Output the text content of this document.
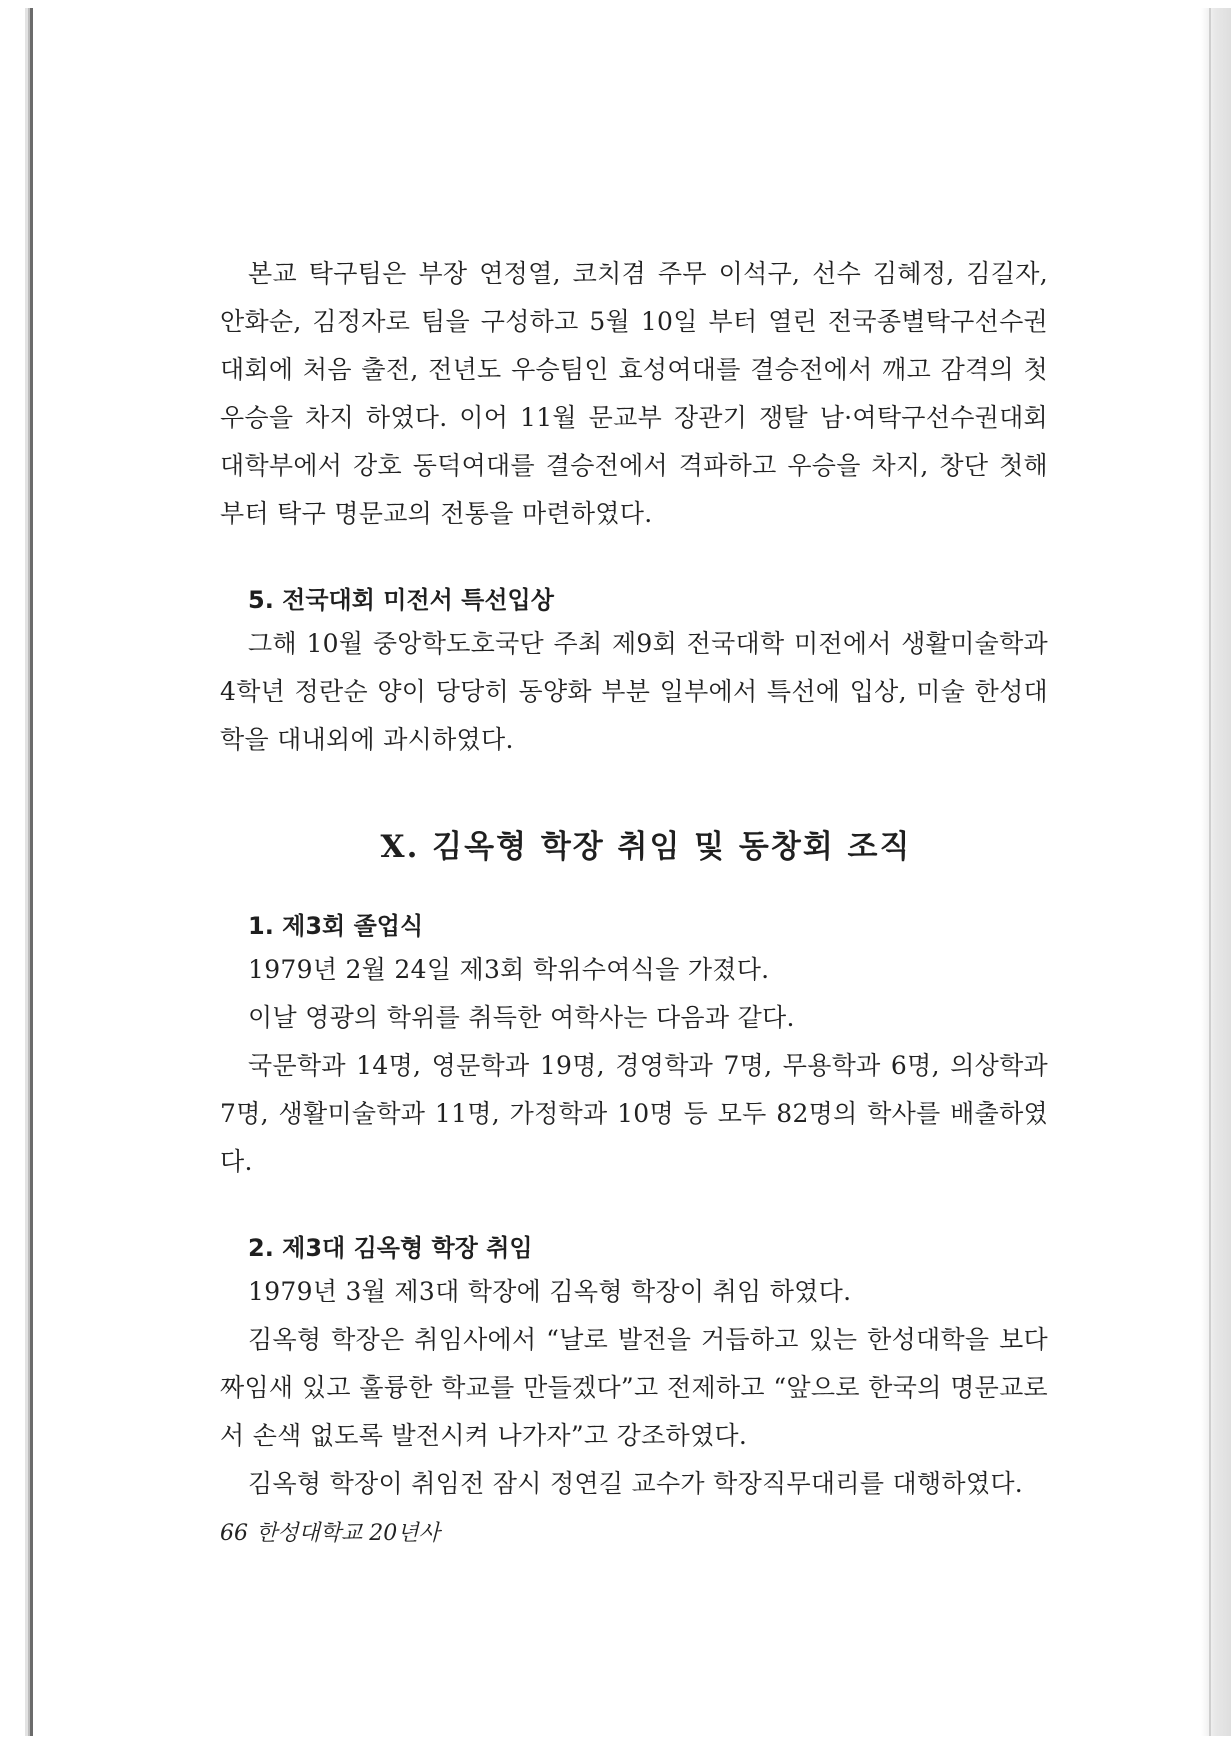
본교 탁구팀은 부장 연정열, 코치겸 주무 이석구, 선수 김혜정, 김길자, 안화순, 김정자로 팀을 구성하고 5월 10일 부터 열린 전국종별탁구선수권대회에 처음 출전, 전년도 우승팀인 효성여대를 결승전에서 깨고 감격의 첫우승을 차지 하였다. 이어 11월 문교부 장관기 쟁탈 남·여탁구선수권대회 대학부에서 강호 동덕여대를 결승전에서 격파하고 우승을 차지, 창단 첫해부터 탁구 명문교의 전통을 마련하였다.

5. 전국대회 미전서 특선입상

그해 10월 중앙학도호국단 주최 제9회 전국대학 미전에서 생활미술학과 4학년 정란순 양이 당당히 동양화 부분 일부에서 특선에 입상, 미술 한성대학을 대내외에 과시하였다.

Ⅹ. 김옥형 학장 취임 및 동창회 조직
1. 제3회 졸업식

1979년 2월 24일 제3회 학위수여식을 가졌다.

이날 영광의 학위를 취득한 여학사는 다음과 같다.

국문학과 14명, 영문학과 19명, 경영학과 7명, 무용학과 6명, 의상학과 7명, 생활미술학과 11명, 가정학과 10명 등 모두 82명의 학사를 배출하였다.

2. 제3대 김옥형 학장 취임

1979년 3월 제3대 학장에 김옥형 학장이 취임 하였다.

김옥형 학장은 취임사에서 “날로 발전을 거듭하고 있는 한성대학을 보다 짜임새 있고 훌륭한 학교를 만들겠다”고 전제하고 “앞으로 한국의 명문교로서 손색 없도록 발전시켜 나가자”고 강조하였다.

김옥형 학장이 취임전 잠시 정연길 교수가 학장직무대리를 대행하였다.

66 한성대학교 20년사
